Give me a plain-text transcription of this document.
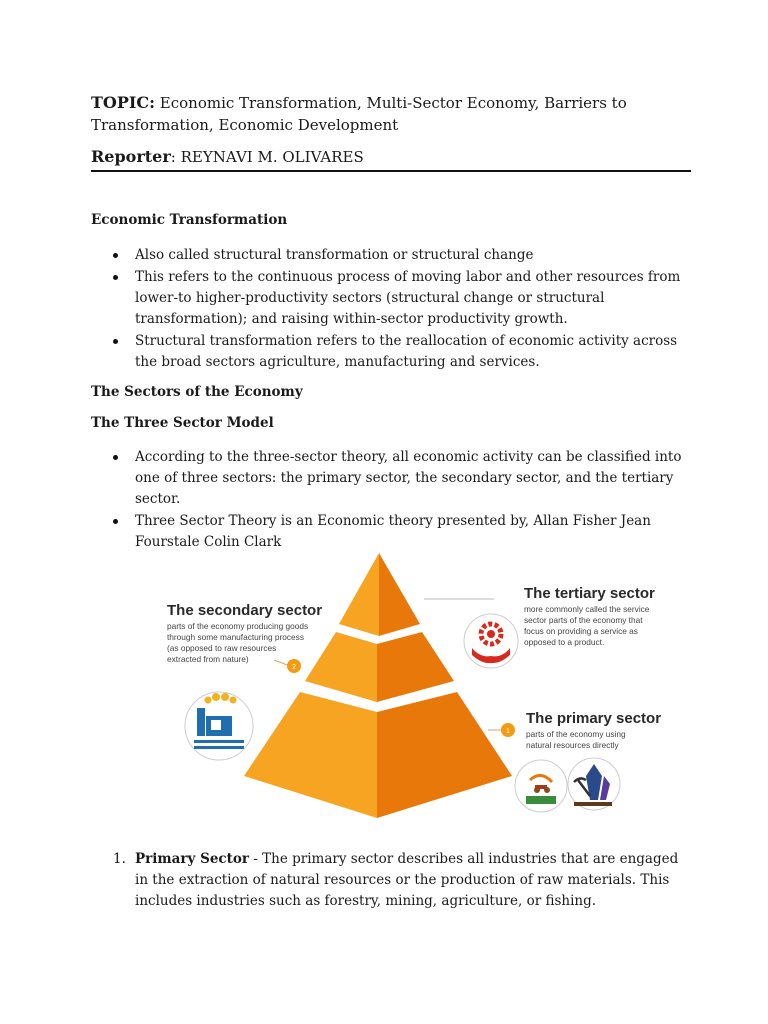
TOPIC: Economic Transformation, Multi-Sector Economy, Barriers to Transformation, Economic Development
Reporter: REYNAVI M. OLIVARES
Economic Transformation
Also called structural transformation or structural change
This refers to the continuous process of moving labor and other resources from lower-to higher-productivity sectors (structural change or structural transformation); and raising within-sector productivity growth.
Structural transformation refers to the reallocation of economic activity across the broad sectors agriculture, manufacturing and services.
The Sectors of the Economy
The Three Sector Model
According to the three-sector theory, all economic activity can be classified into one of three sectors: the primary sector, the secondary sector, and the tertiary sector.
Three Sector Theory is an Economic theory presented by, Allan Fisher Jean Fourstale Colin Clark
1. Primary Sector - The primary sector describes all industries that are engaged in the extraction of natural resources or the production of raw materials. This includes industries such as forestry, mining, agriculture, or fishing.
2
1
The secondary sector
parts of the economy producing goods
through some manufacturing process
(as opposed to raw resources
extracted from nature)
The tertiary sector
more commonly called the service
sector parts of the economy that
focus on providing a service as
opposed to a product.
The primary sector
parts of the economy using
natural resources directly
